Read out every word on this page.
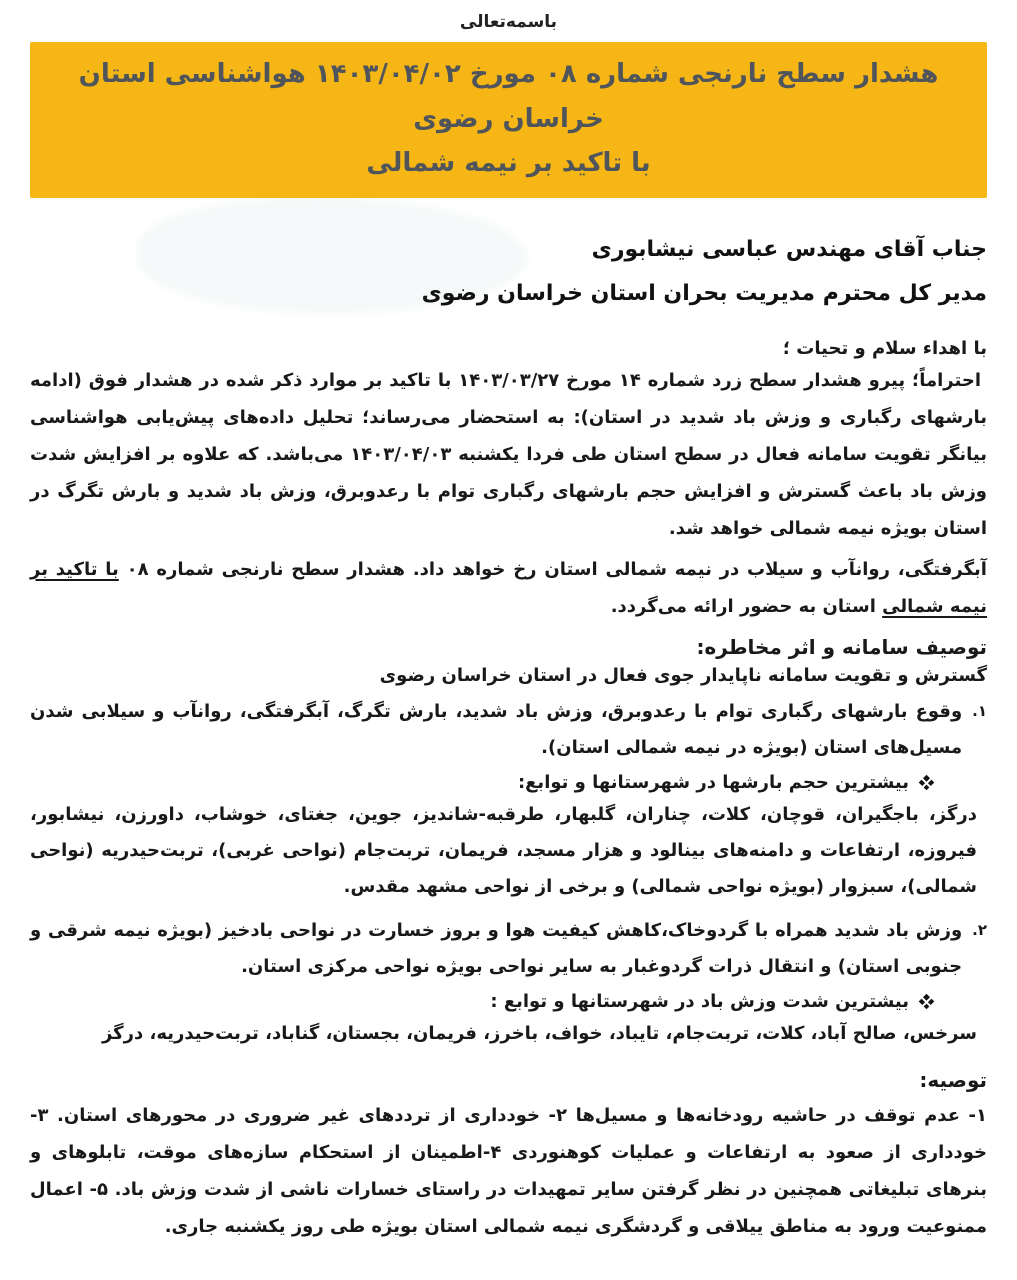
باسمه‌تعالی
هشدار سطح نارنجی شماره ۰۸ مورخ ۱۴۰۳/۰۴/۰۲ هواشناسی استان خراسان رضوی
با تاکید بر نیمه شمالی
جناب آقای مهندس عباسی نیشابوری
مدیر کل محترم مدیریت بحران استان خراسان رضوی
با اهداء سلام و تحیات ؛

احتراماً؛ پیرو هشدار سطح زرد شماره ۱۴ مورخ ۱۴۰۳/۰۳/۲۷ با تاکید بر موارد ذکر شده در هشدار فوق (ادامه بارشهای رگباری و وزش باد شدید در استان): به استحضار می‌رساند؛ تحلیل داده‌های پیش‌یابی هواشناسی بیانگر تقویت سامانه فعال در سطح استان طی فردا یکشنبه ۱۴۰۳/۰۴/۰۳ می‌باشد. که علاوه بر افزایش شدت وزش باد باعث گسترش و افزایش حجم بارشهای رگباری توام با رعدوبرق، وزش باد شدید و بارش تگرگ در استان بویژه نیمه شمالی خواهد شد.

آبگرفتگی، روانآب و سیلاب در نیمه شمالی استان رخ خواهد داد. هشدار سطح نارنجی شماره ۰۸ با تاکید بر نیمه شمالی استان به حضور ارائه می‌گردد.

توصیف سامانه و اثر مخاطره:
گسترش و تقویت سامانه ناپایدار جوی فعال در استان خراسان رضوی
۱.
وقوع بارشهای رگباری توام با رعدوبرق، وزش باد شدید، بارش تگرگ، آبگرفتگی، روانآب و سیلابی شدن مسیل‌های استان (بویژه در نیمه شمالی استان).
بیشترین حجم بارشها در شهرستانها و توابع:

درگز، باجگیران، قوچان، کلات، چناران، گلبهار، طرقبه-شاندیز، جوین، جغتای، خوشاب، داورزن، نیشابور، فیروزه، ارتفاعات و دامنه‌های بینالود و هزار مسجد، فریمان، تربت‌جام (نواحی غربی)، تربت‌حیدریه (نواحی شمالی)، سبزوار (بویژه نواحی شمالی) و برخی از نواحی مشهد مقدس.

۲.
وزش باد شدید همراه با گردوخاک،کاهش کیفیت هوا و بروز خسارت در نواحی بادخیز (بویژه نیمه شرقی و جنوبی استان) و انتقال ذرات گردوغبار به سایر نواحی بویژه نواحی مرکزی استان.
بیشترین شدت وزش باد در شهرستانها و توابع :

سرخس، صالح آباد، کلات، تربت‌جام، تایباد، خواف، باخرز، فریمان، بجستان، گناباد، تربت‌حیدریه، درگز

توصیه:

۱- عدم توقف در حاشیه رودخانه‌ها و مسیل‌ها ۲- خودداری از ترددهای غیر ضروری در محورهای استان. ۳- خودداری از صعود به ارتفاعات و عملیات کوهنوردی ۴-اطمینان از استحکام سازه‌های موقت، تابلوهای و بنرهای تبلیغاتی همچنین در نظر گرفتن سایر تمهیدات در راستای خسارات ناشی از شدت وزش باد. ۵- اعمال ممنوعیت ورود به مناطق ییلاقی و گردشگری نیمه شمالی استان بویژه طی روز یکشنبه جاری.
